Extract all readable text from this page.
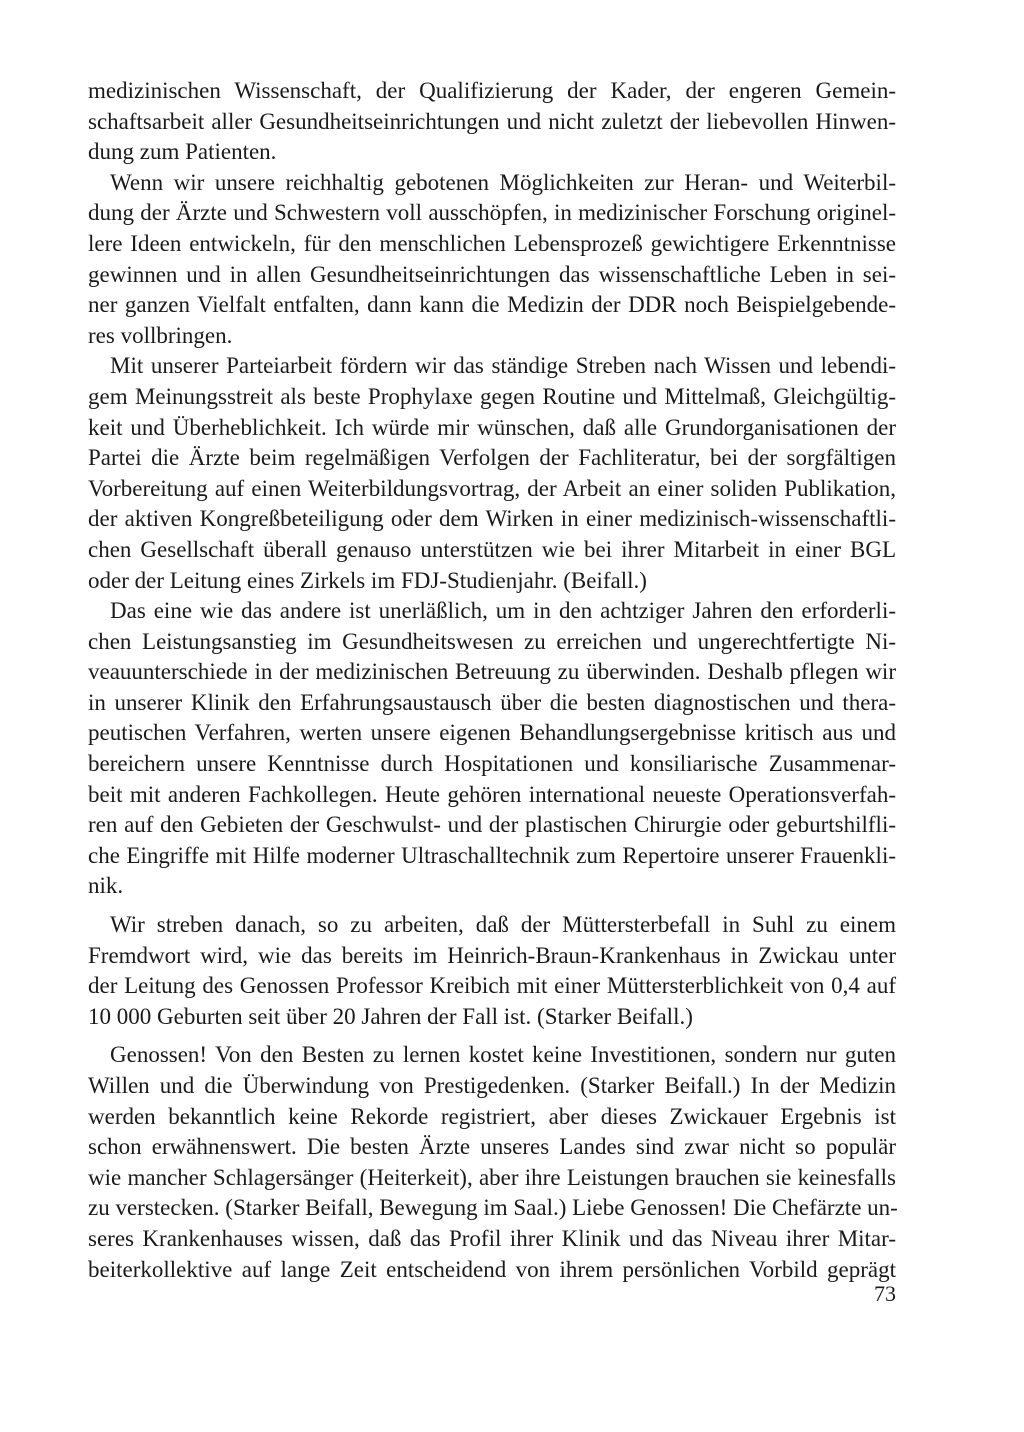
medizinischen Wissenschaft, der Qualifizierung der Kader, der engeren Gemein-
schaftsarbeit aller Gesundheitseinrichtungen und nicht zuletzt der liebevollen Hinwen-
dung zum Patienten.
Wenn wir unsere reichhaltig gebotenen Möglichkeiten zur Heran- und Weiterbil-
dung der Ärzte und Schwestern voll ausschöpfen, in medizinischer Forschung originel-
lere Ideen entwickeln, für den menschlichen Lebensprozeß gewichtigere Erkenntnisse
gewinnen und in allen Gesundheitseinrichtungen das wissenschaftliche Leben in sei-
ner ganzen Vielfalt entfalten, dann kann die Medizin der DDR noch Beispielgebende-
res vollbringen.
Mit unserer Parteiarbeit fördern wir das ständige Streben nach Wissen und lebendi-
gem Meinungsstreit als beste Prophylaxe gegen Routine und Mittelmaß, Gleichgültig-
keit und Überheblichkeit. Ich würde mir wünschen, daß alle Grundorganisationen der
Partei die Ärzte beim regelmäßigen Verfolgen der Fachliteratur, bei der sorgfältigen
Vorbereitung auf einen Weiterbildungsvortrag, der Arbeit an einer soliden Publikation,
der aktiven Kongreßbeteiligung oder dem Wirken in einer medizinisch-wissenschaftli-
chen Gesellschaft überall genauso unterstützen wie bei ihrer Mitarbeit in einer BGL
oder der Leitung eines Zirkels im FDJ-Studienjahr. (Beifall.)
Das eine wie das andere ist unerläßlich, um in den achtziger Jahren den erforderli-
chen Leistungsanstieg im Gesundheitswesen zu erreichen und ungerechtfertigte Ni-
veauunterschiede in der medizinischen Betreuung zu überwinden. Deshalb pflegen wir
in unserer Klinik den Erfahrungsaustausch über die besten diagnostischen und thera-
peutischen Verfahren, werten unsere eigenen Behandlungsergebnisse kritisch aus und
bereichern unsere Kenntnisse durch Hospitationen und konsiliarische Zusammenar-
beit mit anderen Fachkollegen. Heute gehören international neueste Operationsverfah-
ren auf den Gebieten der Geschwulst- und der plastischen Chirurgie oder geburtshilfli-
che Eingriffe mit Hilfe moderner Ultraschalltechnik zum Repertoire unserer Frauenkli-
nik.
Wir streben danach, so zu arbeiten, daß der Müttersterbefall in Suhl zu einem
Fremdwort wird, wie das bereits im Heinrich-Braun-Krankenhaus in Zwickau unter
der Leitung des Genossen Professor Kreibich mit einer Müttersterblichkeit von 0,4 auf
10 000 Geburten seit über 20 Jahren der Fall ist. (Starker Beifall.)
Genossen! Von den Besten zu lernen kostet keine Investitionen, sondern nur guten
Willen und die Überwindung von Prestigedenken. (Starker Beifall.) In der Medizin
werden bekanntlich keine Rekorde registriert, aber dieses Zwickauer Ergebnis ist
schon erwähnenswert. Die besten Ärzte unseres Landes sind zwar nicht so populär
wie mancher Schlagersänger (Heiterkeit), aber ihre Leistungen brauchen sie keinesfalls
zu verstecken. (Starker Beifall, Bewegung im Saal.) Liebe Genossen! Die Chefärzte un-
seres Krankenhauses wissen, daß das Profil ihrer Klinik und das Niveau ihrer Mitar-
beiterkollektive auf lange Zeit entscheidend von ihrem persönlichen Vorbild geprägt
73
